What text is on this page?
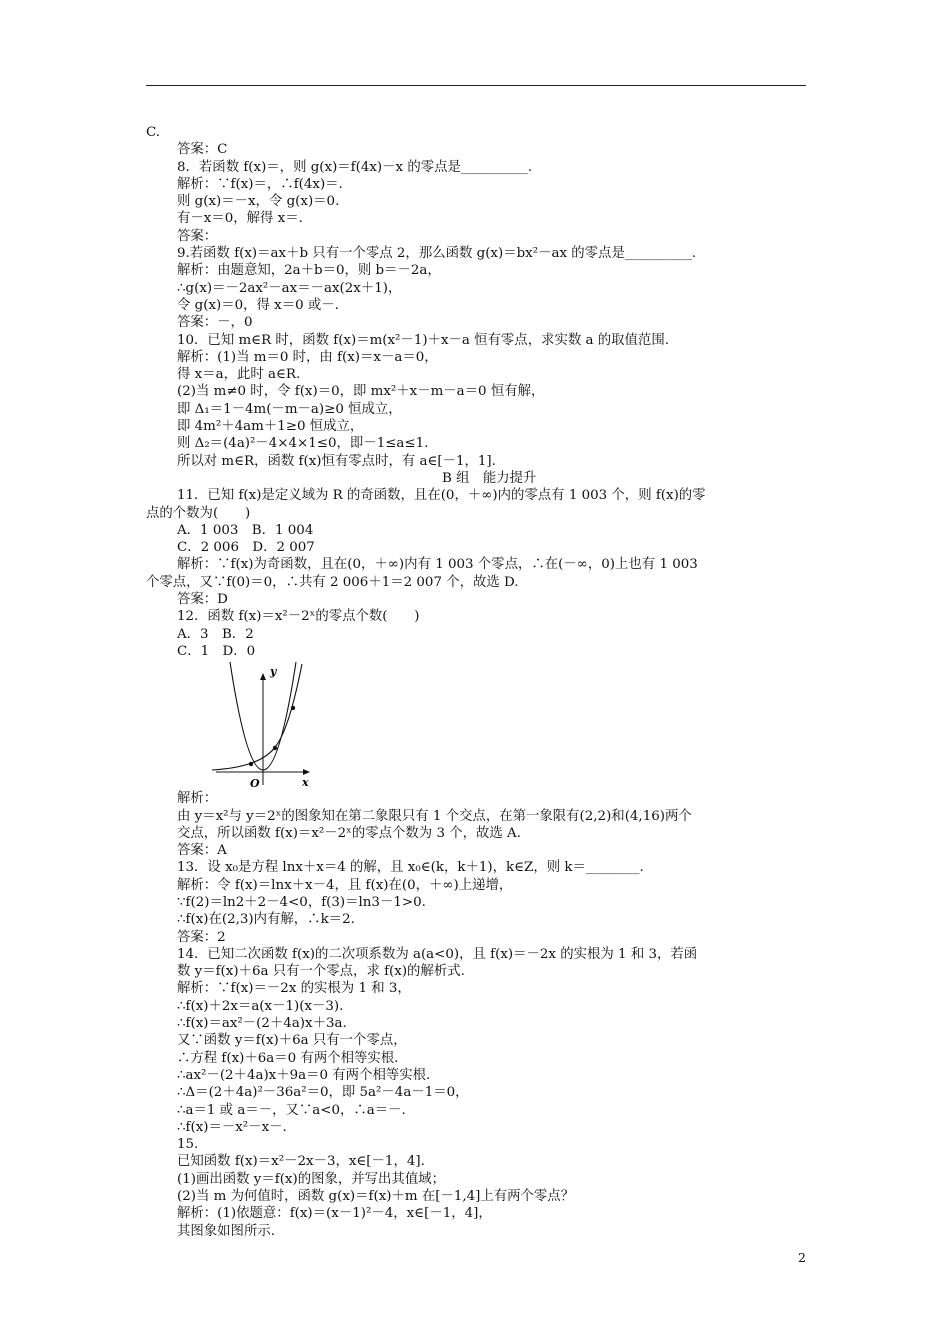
C.
答案：C
8．若函数 f(x)＝，则 g(x)＝f(4x)－x 的零点是__________.
解析：∵f(x)＝，∴f(4x)＝.
则 g(x)＝－x，令 g(x)＝0.
有－x＝0，解得 x＝.
答案：
9.若函数 f(x)＝ax＋b 只有一个零点 2，那么函数 g(x)＝bx²－ax 的零点是__________.
解析：由题意知，2a＋b＝0，则 b＝－2a，
∴g(x)＝－2ax²－ax＝－ax(2x＋1)，
令 g(x)＝0，得 x＝0 或－.
答案：－，0
10．已知 m∈R 时，函数 f(x)＝m(x²－1)＋x－a 恒有零点，求实数 a 的取值范围.
解析：(1)当 m＝0 时，由 f(x)＝x－a＝0，
得 x＝a，此时 a∈R.
(2)当 m≠0 时，令 f(x)＝0，即 mx²＋x－m－a＝0 恒有解，
即 Δ₁＝1－4m(－m－a)≥0 恒成立，
即 4m²＋4am＋1≥0 恒成立，
则 Δ₂＝(4a)²－4×4×1≤0，即－1≤a≤1.
所以对 m∈R，函数 f(x)恒有零点时，有 a∈[－1，1].
B 组　能力提升
11．已知 f(x)是定义域为 R 的奇函数，且在(0，＋∞)内的零点有 1 003 个，则 f(x)的零
点的个数为(　　)
A．1 003　B．1 004
C．2 006　D．2 007
解析：∵f(x)为奇函数，且在(0，＋∞)内有 1 003 个零点，∴在(－∞，0)上也有 1 003
个零点，又∵f(0)＝0，∴共有 2 006＋1＝2 007 个，故选 D.
答案：D
12．函数 f(x)＝x²－2ˣ的零点个数(　　)
A．3　B．2
C．1　D．0
y
x
O
解析：
由 y＝x²与 y＝2ˣ的图象知在第二象限只有 1 个交点，在第一象限有(2,2)和(4,16)两个
交点，所以函数 f(x)＝x²－2ˣ的零点个数为 3 个，故选 A.
答案：A
13．设 x₀是方程 lnx＋x＝4 的解，且 x₀∈(k，k＋1)，k∈Z，则 k＝________.
解析：令 f(x)＝lnx＋x－4，且 f(x)在(0，＋∞)上递增，
∵f(2)＝ln2＋2－4<0，f(3)＝ln3－1>0.
∴f(x)在(2,3)内有解，∴k＝2.
答案：2
14．已知二次函数 f(x)的二次项系数为 a(a<0)，且 f(x)＝－2x 的实根为 1 和 3，若函
数 y＝f(x)＋6a 只有一个零点，求 f(x)的解析式.
解析：∵f(x)＝－2x 的实根为 1 和 3，
∴f(x)＋2x＝a(x－1)(x－3).
∴f(x)＝ax²－(2＋4a)x＋3a.
又∵函数 y＝f(x)＋6a 只有一个零点，
∴方程 f(x)＋6a＝0 有两个相等实根.
∴ax²－(2＋4a)x＋9a＝0 有两个相等实根.
∴Δ＝(2＋4a)²－36a²＝0，即 5a²－4a－1＝0，
∴a＝1 或 a＝－，又∵a<0，∴a＝－.
∴f(x)＝－x²－x－.
15.
已知函数 f(x)＝x²－2x－3，x∈[－1，4].
(1)画出函数 y＝f(x)的图象，并写出其值域；
(2)当 m 为何值时，函数 g(x)＝f(x)＋m 在[－1,4]上有两个零点？
解析：(1)依题意：f(x)＝(x－1)²－4，x∈[－1，4]，
其图象如图所示.
2
